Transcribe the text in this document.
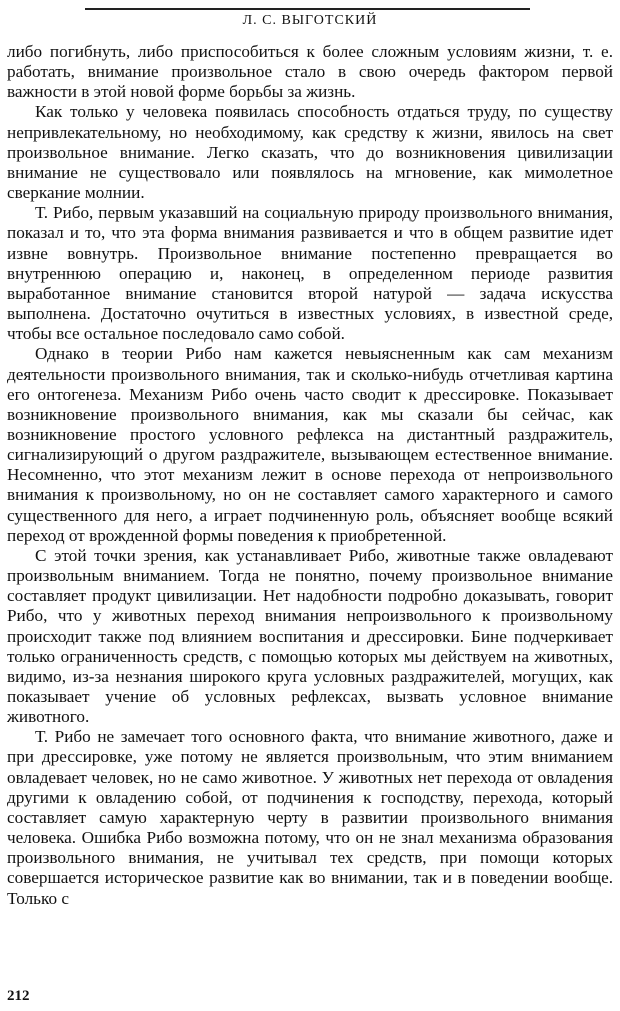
Л. С. ВЫГОТСКИЙ

либо погибнуть, либо приспособиться к более сложным условиям жизни, т. е. работать, внимание произвольное стало в свою очередь фактором первой важности в этой новой форме борьбы за жизнь.

Как только у человека появилась способность отдаться труду, по существу непривлекательному, но необходимому, как средству к жизни, явилось на свет произвольное внимание. Легко сказать, что до возникновения цивилизации внимание не существовало или появлялось на мгновение, как мимолетное сверкание молнии.

Т. Рибо, первым указавший на социальную природу произвольного внимания, показал и то, что эта форма внимания развивается и что в общем развитие идет извне вовнутрь. Произвольное внимание постепенно превращается во внутреннюю операцию и, наконец, в определенном периоде развития выработанное внимание становится второй натурой — задача искусства выполнена. Достаточно очутиться в известных условиях, в известной среде, чтобы все остальное последовало само собой.

Однако в теории Рибо нам кажется невыясненным как сам механизм деятельности произвольного внимания, так и сколько-нибудь отчетливая картина его онтогенеза. Механизм Рибо очень часто сводит к дрессировке. Показывает возникновение произвольного внимания, как мы сказали бы сейчас, как возникновение простого условного рефлекса на дистантный раздражитель, сигнализирующий о другом раздражителе, вызывающем естественное внимание. Несомненно, что этот механизм лежит в основе перехода от непроизвольного внимания к произвольному, но он не составляет самого характерного и самого существенного для него, а играет подчиненную роль, объясняет вообще всякий переход от врожденной формы поведения к приобретенной.

С этой точки зрения, как устанавливает Рибо, животные также овладевают произвольным вниманием. Тогда не понятно, почему произвольное внимание составляет продукт цивилизации. Нет надобности подробно доказывать, говорит Рибо, что у животных переход внимания непроизвольного к произвольному происходит также под влиянием воспитания и дрессировки. Бине подчеркивает только ограниченность средств, с помощью которых мы действуем на животных, видимо, из-за незнания широкого круга условных раздражителей, могущих, как показывает учение об условных рефлексах, вызвать условное внимание животного.

Т. Рибо не замечает того основного факта, что внимание животного, даже и при дрессировке, уже потому не является произвольным, что этим вниманием овладевает человек, но не само животное. У животных нет перехода от овладения другими к овладению собой, от подчинения к господству, перехода, который составляет самую характерную черту в развитии произвольного внимания человека. Ошибка Рибо возможна потому, что он не знал механизма образования произвольного внимания, не учитывал тех средств, при помощи которых совершается историческое развитие как во внимании, так и в поведении вообще. Только с

212
